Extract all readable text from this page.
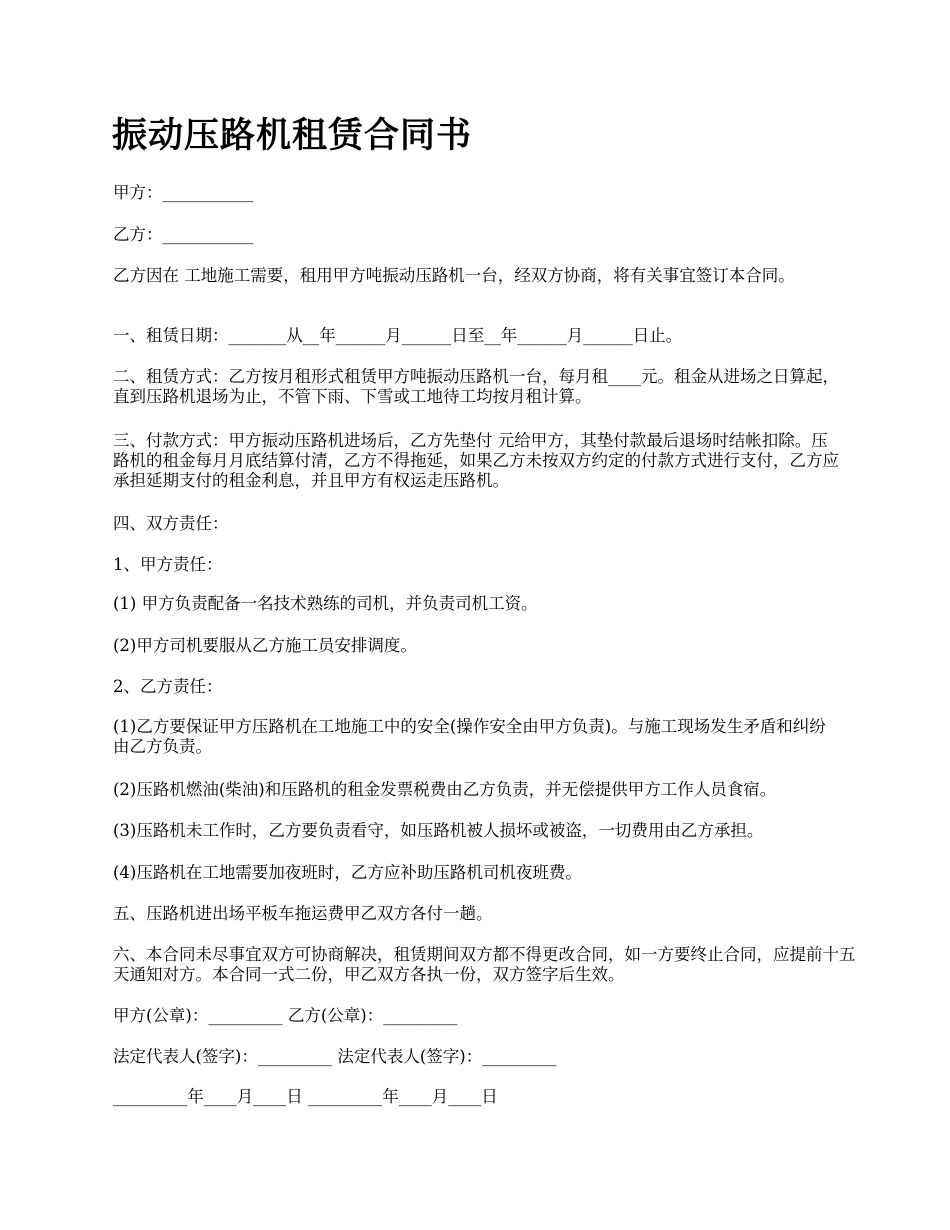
振动压路机租赁合同书

甲方：___________

乙方：___________

乙方因在 工地施工需要，租用甲方吨振动压路机一台，经双方协商，将有关事宜签订本合同。

一、租赁日期：_______从__年______月______日至__年______月______日止。

二、租赁方式：乙方按月租形式租赁甲方吨振动压路机一台，每月租____元。租金从进场之日算起，直到压路机退场为止，不管下雨、下雪或工地待工均按月租计算。

三、付款方式：甲方振动压路机进场后，乙方先垫付 元给甲方，其垫付款最后退场时结帐扣除。压路机的租金每月月底结算付清，乙方不得拖延，如果乙方未按双方约定的付款方式进行支付，乙方应承担延期支付的租金利息，并且甲方有权运走压路机。

四、双方责任：

1、甲方责任：

(1) 甲方负责配备一名技术熟练的司机，并负责司机工资。

(2)甲方司机要服从乙方施工员安排调度。

2、乙方责任：

(1)乙方要保证甲方压路机在工地施工中的安全(操作安全由甲方负责)。与施工现场发生矛盾和纠纷由乙方负责。

(2)压路机燃油(柴油)和压路机的租金发票税费由乙方负责，并无偿提供甲方工作人员食宿。

(3)压路机未工作时，乙方要负责看守，如压路机被人损坏或被盗，一切费用由乙方承担。

(4)压路机在工地需要加夜班时，乙方应补助压路机司机夜班费。

五、压路机进出场平板车拖运费甲乙双方各付一趟。

六、本合同未尽事宜双方可协商解决，租赁期间双方都不得更改合同，如一方要终止合同，应提前十五天通知对方。本合同一式二份，甲乙双方各执一份，双方签字后生效。

甲方(公章)：_________ 乙方(公章)：_________

法定代表人(签字)：_________ 法定代表人(签字)：_________

_________年____月____日 _________年____月____日
